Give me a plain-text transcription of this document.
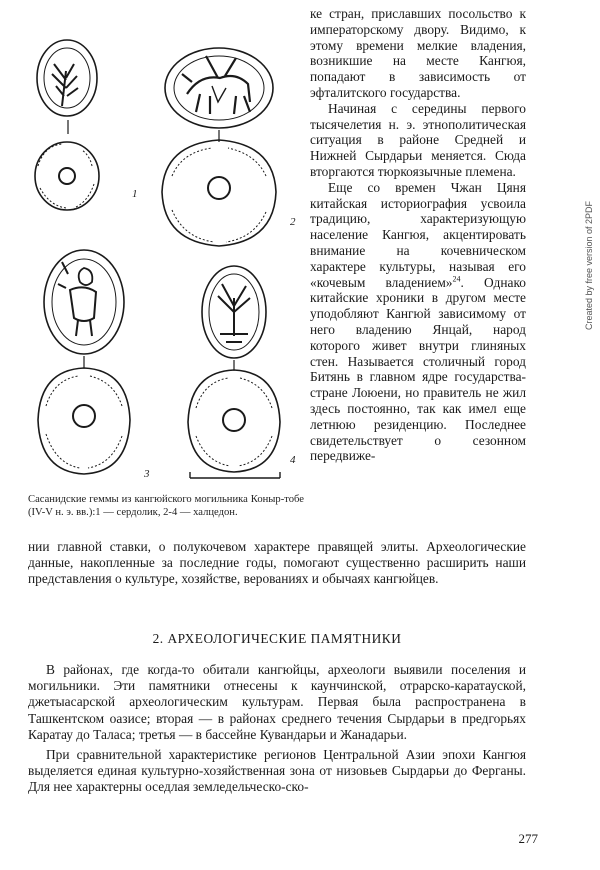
1
2
3
4
Сасанидские геммы из кангюйского могильника Коныр-тобе (IV-V н. э. вв.):1 — сердолик, 2-4 — халцедон.

ке стран, приславших посольство к императорскому двору. Видимо, к этому времени мелкие владения, возникшие на месте Кангюя, попадают в зависимость от эфталитского государства.

Начиная с середины первого тысячелетия н. э. этнополитическая ситуация в районе Средней и Нижней Сырдарьи меняется. Сюда вторгаются тюркоязычные племена.

Еще со времен Чжан Цяня китайская историография усвоила традицию, характеризующую население Кангюя, акцентировать внимание на кочевническом характере культуры, называя его «кочевым владением»$^{24}$. Однако китайские хроники в другом месте уподобляют Кангюй зависимому от него владению Янцай, народ которого живет внутри глиняных стен. Называется столичный город Битянь в главном ядре государства-стране Лоюени, но правитель не жил здесь постоянно, так как имел еще летнюю резиденцию. Последнее свидетельствует о сезонном передвиже-

нии главной ставки, о полукочевом характере правящей элиты. Археологические данные, накопленные за последние годы, помогают существенно расширить наши представления о культуре, хозяйстве, верованиях и обычаях кангюйцев.

2. АРХЕОЛОГИЧЕСКИЕ ПАМЯТНИКИ

В районах, где когда-то обитали кангюйцы, археологи выявили поселения и могильники. Эти памятники отнесены к каунчинской, отрарско-каратауской, джетыасарской археологическим культурам. Первая была распространена в Ташкентском оазисе; вторая — в районах среднего течения Сырдарьи в предгорьях Каратау до Таласа; третья — в бассейне Кувандарьи и Жанадарьи.

При сравнительной характеристике регионов Центральной Азии эпохи Кангюя выделяется единая культурно-хозяйственная зона от низовьев Сырдарьи до Ферганы. Для нее характерны оседлая земледельческо-ско-

277
Created by free version of 2PDF
